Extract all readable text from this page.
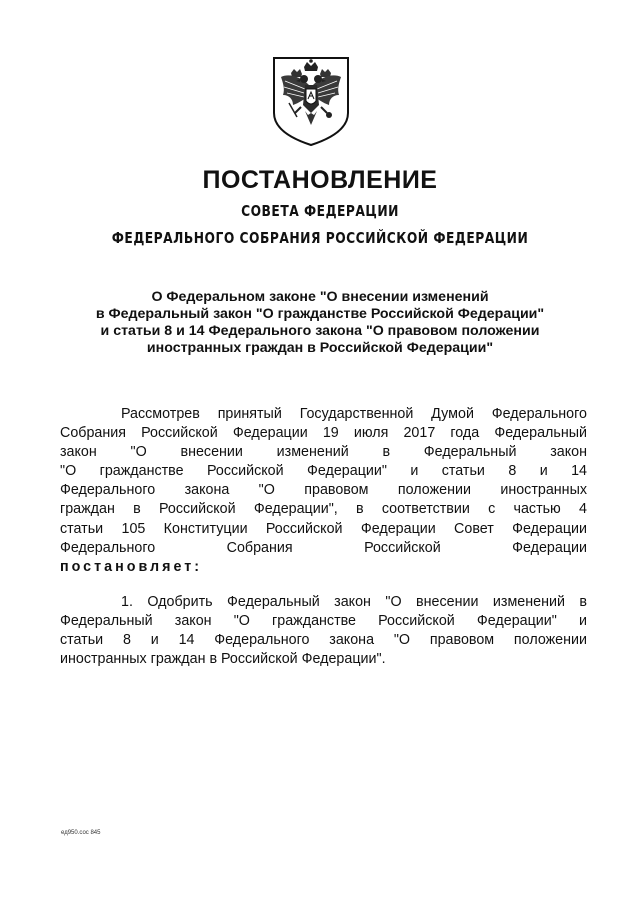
ПОСТАНОВЛЕНИЕ
СОВЕТА ФЕДЕРАЦИИ
ФЕДЕРАЛЬНОГО СОБРАНИЯ РОССИЙСКОЙ ФЕДЕРАЦИИ
О Федеральном законе "О внесении изменений
в Федеральный закон "О гражданстве Российской Федерации"
и статьи 8 и 14 Федерального закона "О правовом положении
иностранных граждан в Российской Федерации"
Рассмотрев принятый Государственной Думой Федерального
Собрания Российской Федерации 19 июля 2017 года Федеральный
закон "О внесении изменений в Федеральный закон
"О гражданстве Российской Федерации" и статьи 8 и 14
Федерального закона "О правовом положении иностранных
граждан в Российской Федерации", в соответствии с частью 4
статьи 105 Конституции Российской Федерации Совет Федерации
Федерального Собрания Российской Федерации
постановляет:
1. Одобрить Федеральный закон "О внесении изменений в
Федеральный закон "О гражданстве Российской Федерации" и
статьи 8 и 14 Федерального закона "О правовом положении
иностранных граждан в Российской Федерации".
ед950.сос 845
